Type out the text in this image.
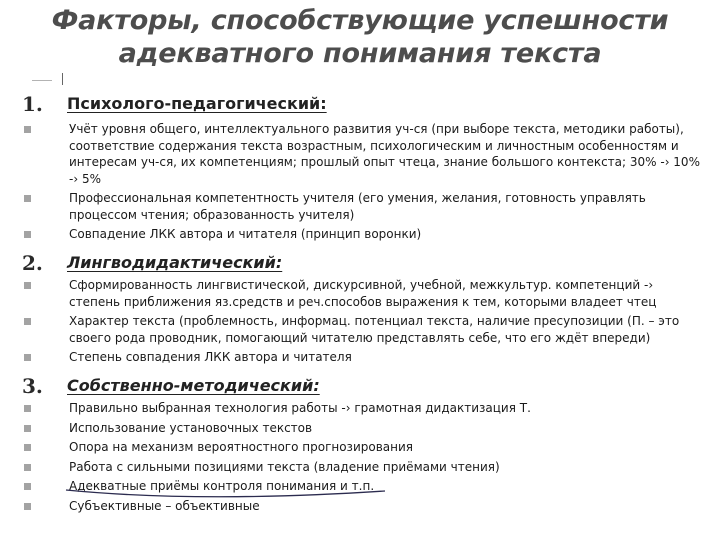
Факторы, способствующие успешности
адекватного понимания текста
1. Психолого-педагогический:
Учёт уровня общего, интеллектуального развития уч-ся (при выборе текста, методики работы), соответствие содержания текста возрастным, психологическим и личностным особенностям и интересам уч-ся, их компетенциям; прошлый опыт чтеца, знание большого контекста; 30% -› 10% -› 5%
Профессиональная компетентность учителя (его умения, желания, готовность управлять процессом чтения; образованность учителя)
Совпадение ЛКК автора и читателя (принцип воронки)
2. Лингводидактический:
Сформированность лингвистической, дискурсивной, учебной, межкультур. компетенций -› степень приближения яз.средств и реч.способов выражения к тем, которыми владеет чтец
Характер текста (проблемность, информац. потенциал текста, наличие пресупозиции (П. – это своего рода проводник, помогающий читателю представлять себе, что его ждёт впереди)
Степень совпадения ЛКК автора и читателя
3. Собственно-методический:
Правильно выбранная технология работы -› грамотная дидактизация Т.
Использование установочных текстов
Опора на механизм вероятностного прогнозирования
Работа с сильными позициями текста (владение приёмами чтения)
Адекватные приёмы контроля понимания и т.п.
Субъективные – объективные
